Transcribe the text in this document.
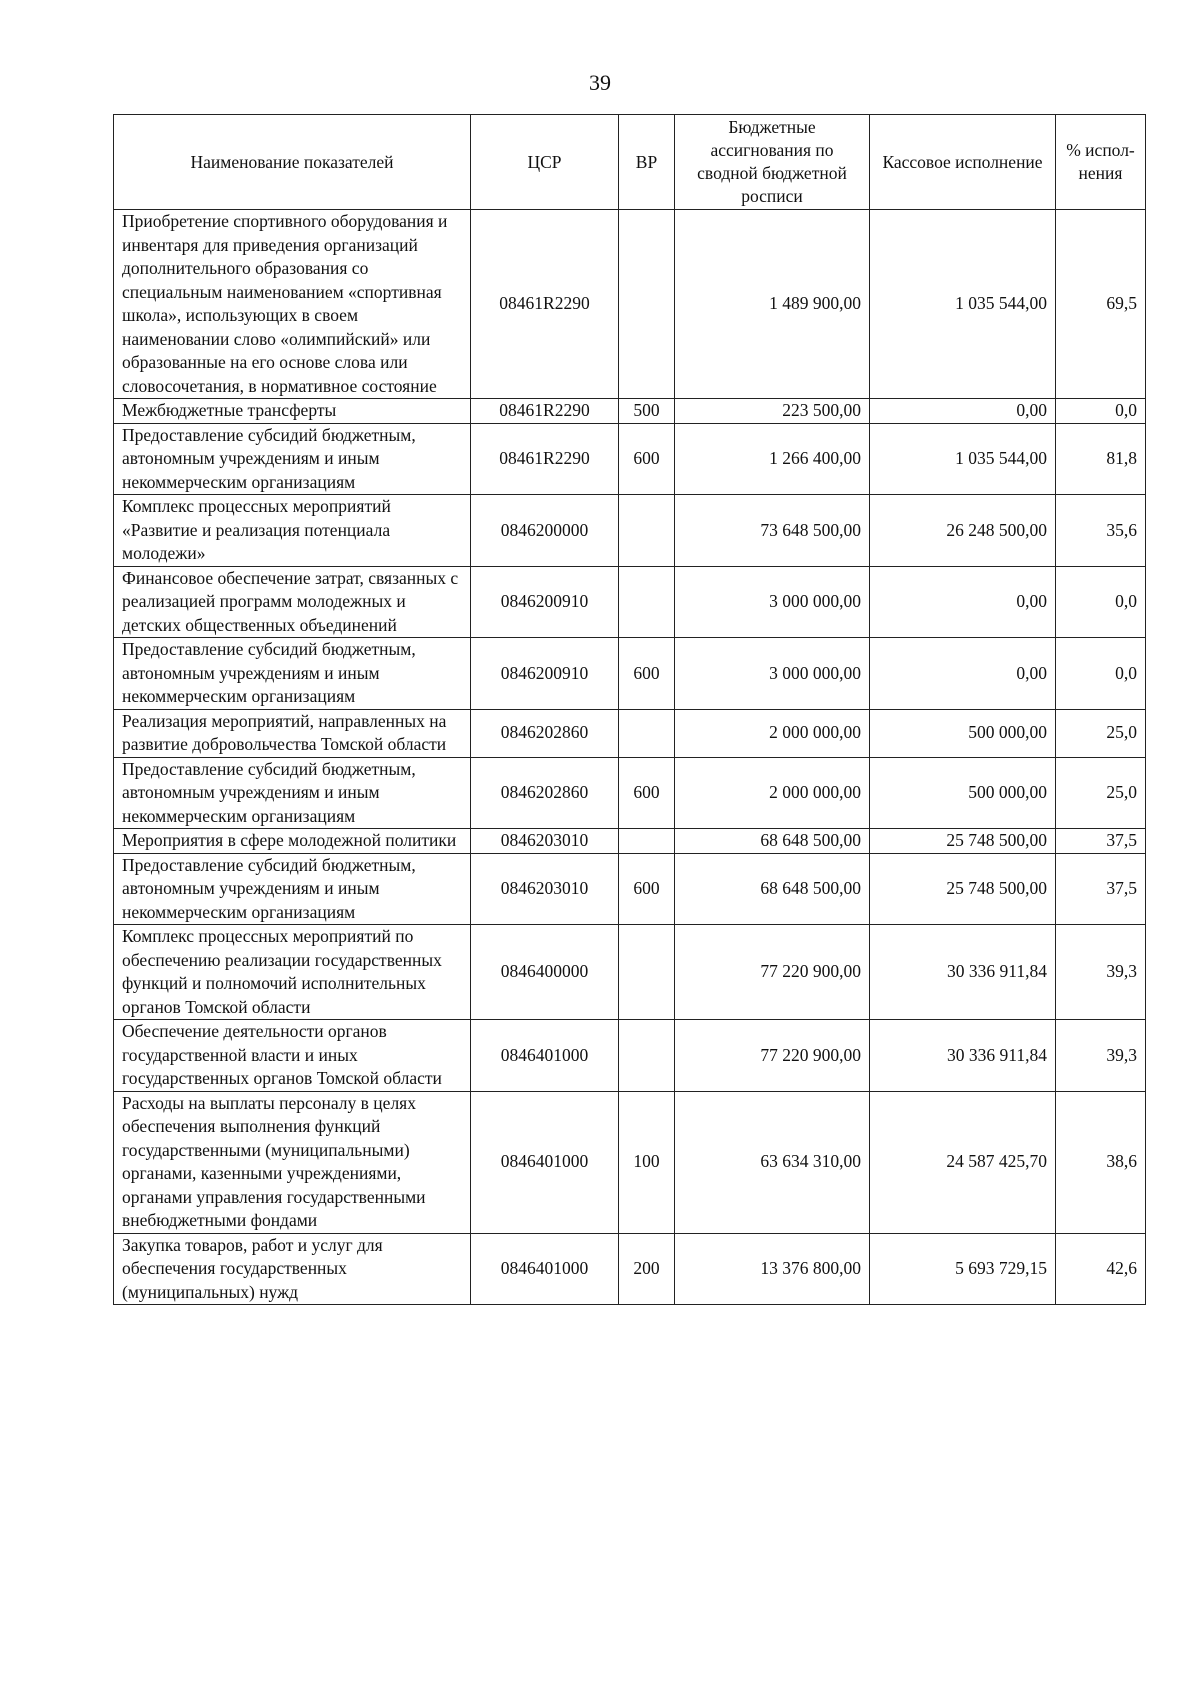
39
Наименование показателей	ЦСР	ВР	Бюджетные ассигнования по сводной бюджетной росписи	Кассовое исполнение	% испол-нения
Приобретение спортивного оборудования и инвентаря для приведения организаций дополнительного образования со специальным наименованием «спортивная школа», использующих в своем наименовании слово «олимпийский» или образованные на его основе слова или словосочетания, в нормативное состояние	08461R2290		1 489 900,00	1 035 544,00	69,5
Межбюджетные трансферты	08461R2290	500	223 500,00	0,00	0,0
Предоставление субсидий бюджетным, автономным учреждениям и иным некоммерческим организациям	08461R2290	600	1 266 400,00	1 035 544,00	81,8
Комплекс процессных мероприятий «Развитие и реализация потенциала молодежи»	0846200000		73 648 500,00	26 248 500,00	35,6
Финансовое обеспечение затрат, связанных с реализацией программ молодежных и детских общественных объединений	0846200910		3 000 000,00	0,00	0,0
Предоставление субсидий бюджетным, автономным учреждениям и иным некоммерческим организациям	0846200910	600	3 000 000,00	0,00	0,0
Реализация мероприятий, направленных на развитие добровольчества Томской области	0846202860		2 000 000,00	500 000,00	25,0
Предоставление субсидий бюджетным, автономным учреждениям и иным некоммерческим организациям	0846202860	600	2 000 000,00	500 000,00	25,0
Мероприятия в сфере молодежной политики	0846203010		68 648 500,00	25 748 500,00	37,5
Предоставление субсидий бюджетным, автономным учреждениям и иным некоммерческим организациям	0846203010	600	68 648 500,00	25 748 500,00	37,5
Комплекс процессных мероприятий по обеспечению реализации государственных функций и полномочий исполнительных органов Томской области	0846400000		77 220 900,00	30 336 911,84	39,3
Обеспечение деятельности органов государственной власти и иных государственных органов Томской области	0846401000		77 220 900,00	30 336 911,84	39,3
Расходы на выплаты персоналу в целях обеспечения выполнения функций государственными (муниципальными) органами, казенными учреждениями, органами управления государственными внебюджетными фондами	0846401000	100	63 634 310,00	24 587 425,70	38,6
Закупка товаров, работ и услуг для обеспечения государственных (муниципальных) нужд	0846401000	200	13 376 800,00	5 693 729,15	42,6
